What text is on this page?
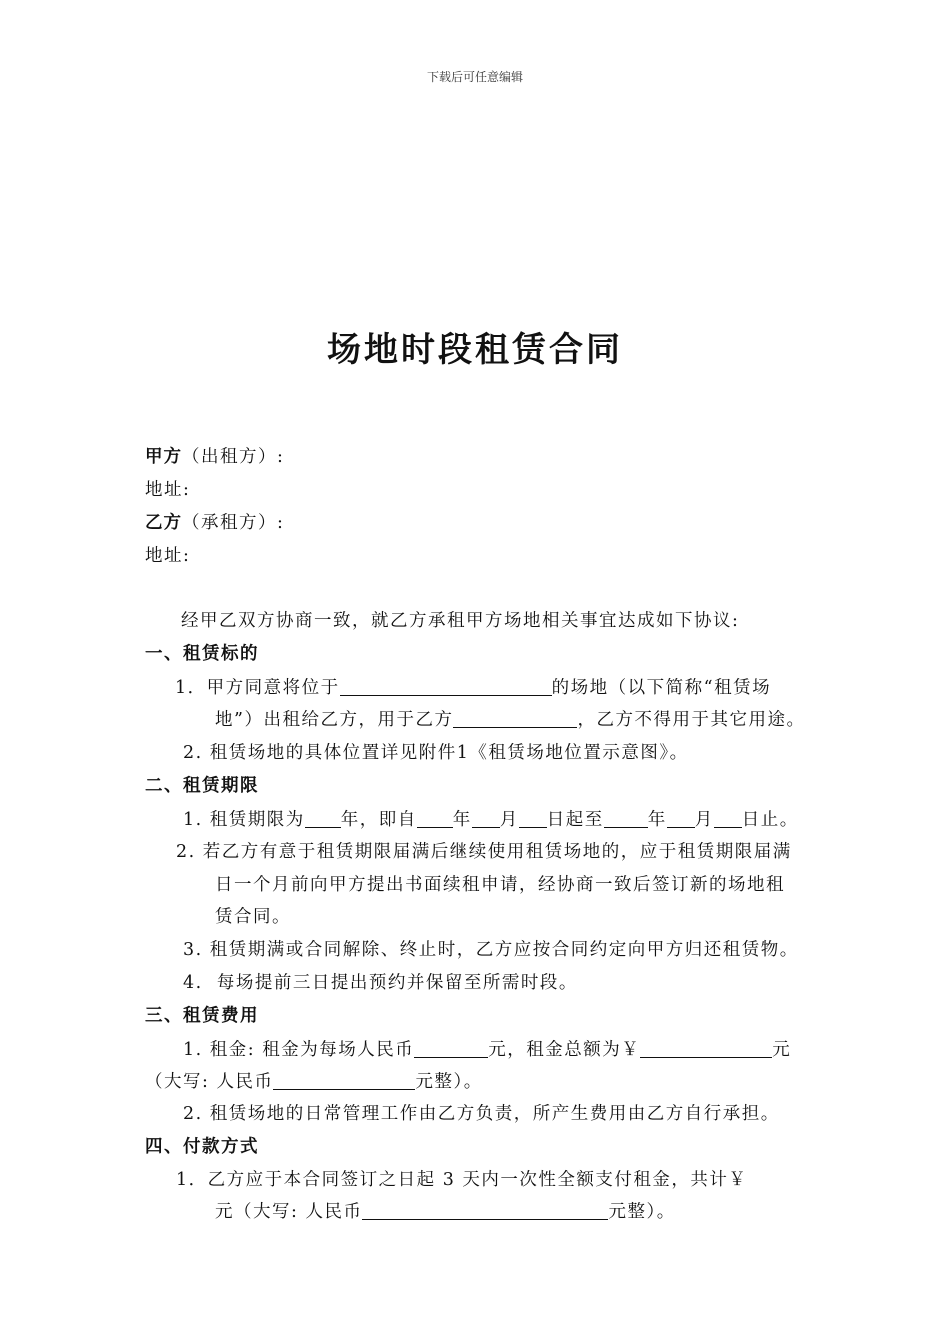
下载后可任意编辑
场地时段租赁合同
甲方（出租方）:
地址:
乙方（承租方）:
地址:
经甲乙双方协商一致，就乙方承租甲方场地相关事宜达成如下协议:
一、租赁标的
1．甲方同意将位于	的场地（以下简称“租赁场
地”）出租给乙方，用于乙方	，乙方不得用于其它用途。
2. 租赁场地的具体位置详见附件1《租赁场地位置示意图》。
二、租赁期限
1. 租赁期限为 年，即自 年 月 日起至	年 月 日止。
2. 若乙方有意于租赁期限届满后继续使用租赁场地的，应于租赁期限届满
日一个月前向甲方提出书面续租申请，经协商一致后签订新的场地租
赁合同。
3. 租赁期满或合同解除、终止时，乙方应按合同约定向甲方归还租赁物。
4.  每场提前三日提出预约并保留至所需时段。
三、租赁费用
1. 租金: 租金为每场人民币	元，租金总额为￥	元
（大写: 人民币	元整）。
2. 租赁场地的日常管理工作由乙方负责，所产生费用由乙方自行承担。
四、付款方式
1．乙方应于本合同签订之日起 3 天内一次性全额支付租金，共计￥
元（大写: 人民币	元整）。
